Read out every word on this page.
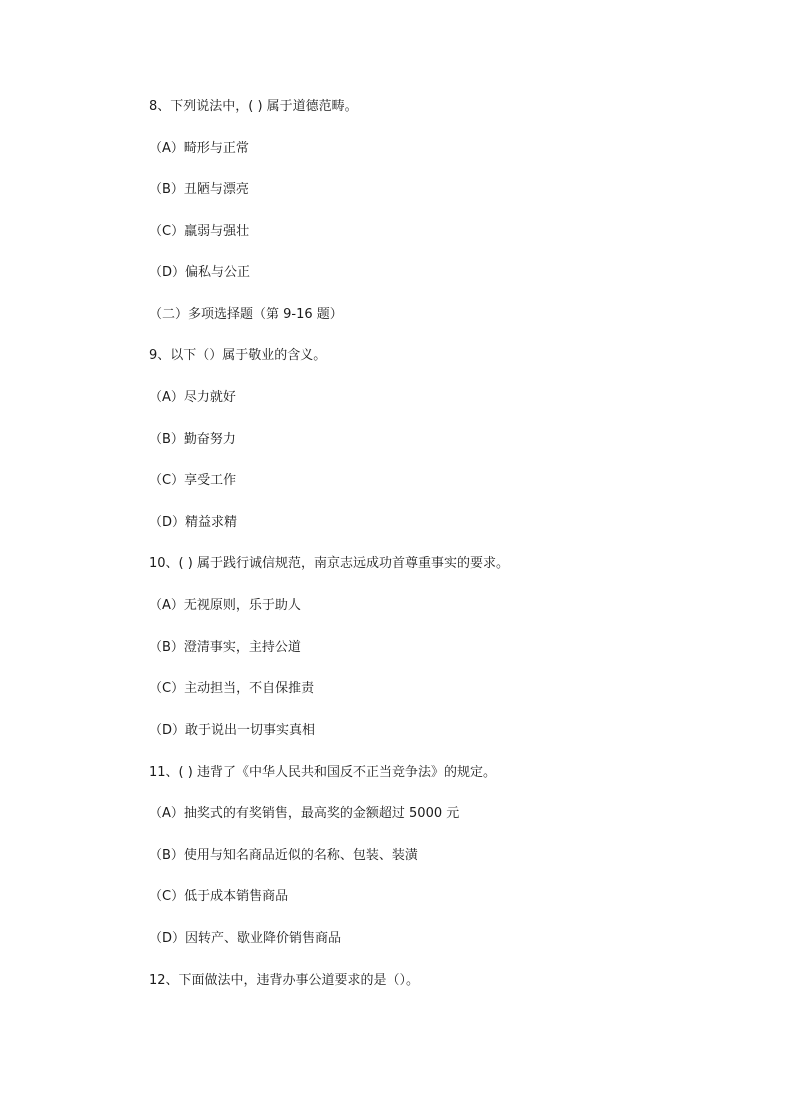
8、下列说法中，( ) 属于道德范畴。
（A）畸形与正常
（B）丑陋与漂亮
（C）羸弱与强壮
（D）偏私与公正
（二）多项选择题（第 9-16 题）
9、以下（）属于敬业的含义。
（A）尽力就好
（B）勤奋努力
（C）享受工作
（D）精益求精
10、( ) 属于践行诚信规范，南京志远成功首尊重事实的要求。
（A）无视原则，乐于助人
（B）澄清事实，主持公道
（C）主动担当，不自保推责
（D）敢于说出一切事实真相
11、( ) 违背了《中华人民共和国反不正当竞争法》的规定。
（A）抽奖式的有奖销售，最高奖的金额超过 5000 元
（B）使用与知名商品近似的名称、包装、装潢
（C）低于成本销售商品
（D）因转产、歇业降价销售商品
12、下面做法中，违背办事公道要求的是（）。
